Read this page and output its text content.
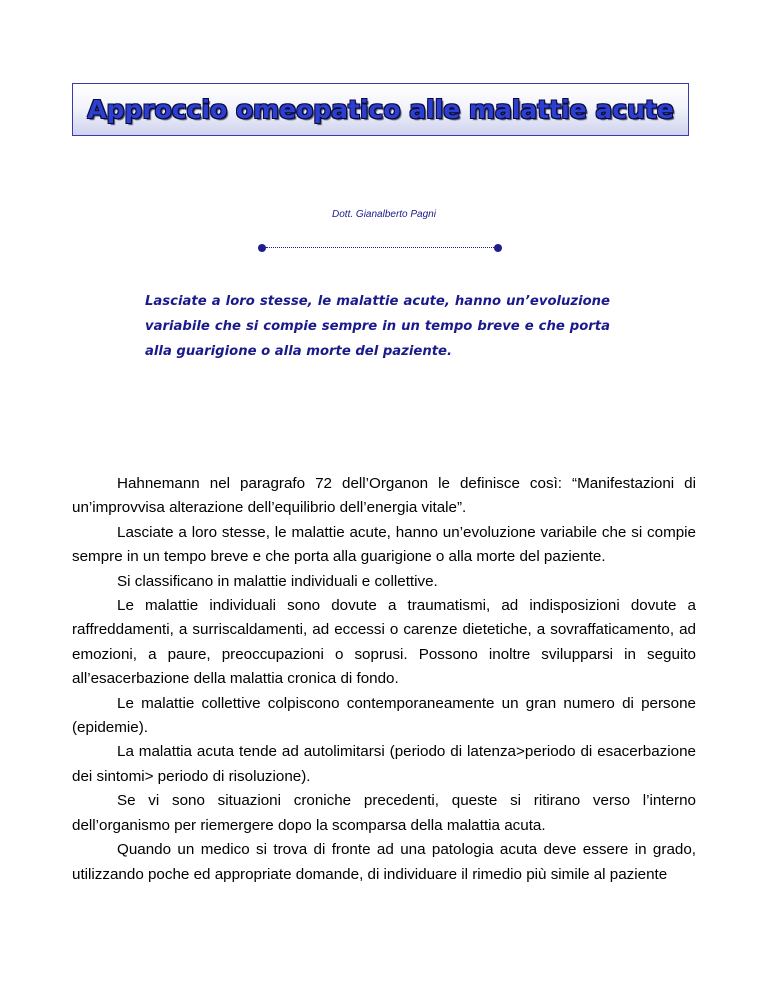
Approccio omeopatico alle malattie acute
Dott. Gianalberto Pagni
Lasciate a loro stesse, le malattie acute, hanno un’evoluzione variabile che si compie sempre in un tempo breve e che porta alla guarigione o alla morte del paziente.

Hahnemann nel paragrafo 72 dell’Organon le definisce così: “Manifestazioni di un’improvvisa alterazione dell’equilibrio dell’energia vitale”.

Lasciate a loro stesse, le malattie acute, hanno un’evoluzione variabile che si compie sempre in un tempo breve e che porta alla guarigione o alla morte del paziente.

Si classificano in malattie individuali e collettive.

Le malattie individuali sono dovute a traumatismi, ad indisposizioni dovute a raffreddamenti, a surriscaldamenti, ad eccessi o carenze dietetiche, a sovraffaticamento, ad emozioni, a paure, preoccupazioni o soprusi. Possono inoltre svilupparsi in seguito all’esacerbazione della malattia cronica di fondo.

Le malattie collettive colpiscono contemporaneamente un gran numero di persone (epidemie).

La malattia acuta tende ad autolimitarsi (periodo di latenza>periodo di esacerbazione dei sintomi> periodo di risoluzione).

Se vi sono situazioni croniche precedenti, queste si ritirano verso l’interno dell’organismo per riemergere dopo la scomparsa della malattia acuta.

Quando un medico si trova di fronte ad una patologia acuta deve essere in grado, utilizzando poche ed appropriate domande, di individuare il rimedio più simile al paziente
